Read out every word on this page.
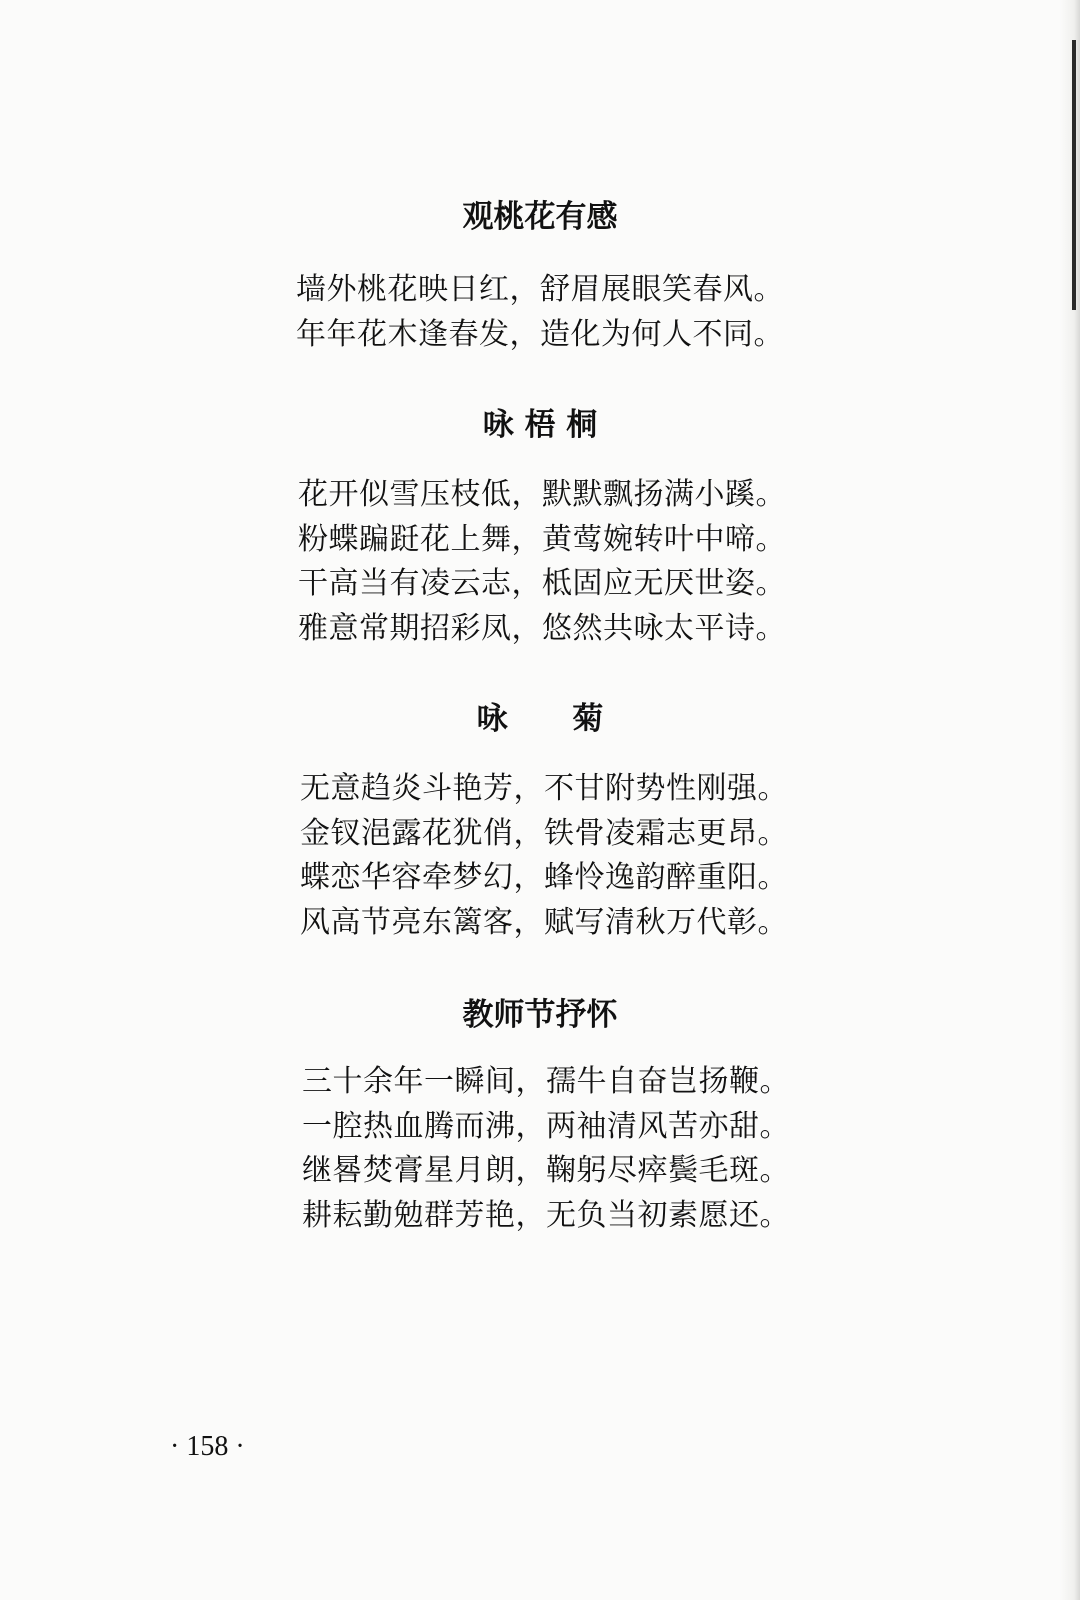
观桃花有感
墙外桃花映日红，舒眉展眼笑春风。
年年花木逢春发，造化为何人不同。
咏 梧 桐
花开似雪压枝低，默默飘扬满小蹊。
粉蝶蹁跹花上舞，黄莺婉转叶中啼。
干高当有凌云志，柢固应无厌世姿。
雅意常期招彩凤，悠然共咏太平诗。
咏      菊
无意趋炎斗艳芳，不甘附势性刚强。
金钗浥露花犹俏，铁骨凌霜志更昂。
蝶恋华容牵梦幻，蜂怜逸韵醉重阳。
风高节亮东篱客，赋写清秋万代彰。
教师节抒怀
三十余年一瞬间，孺牛自奋岂扬鞭。
一腔热血腾而沸，两袖清风苦亦甜。
继晷焚膏星月朗，鞠躬尽瘁鬓毛斑。
耕耘勤勉群芳艳，无负当初素愿还。
· 158 ·
